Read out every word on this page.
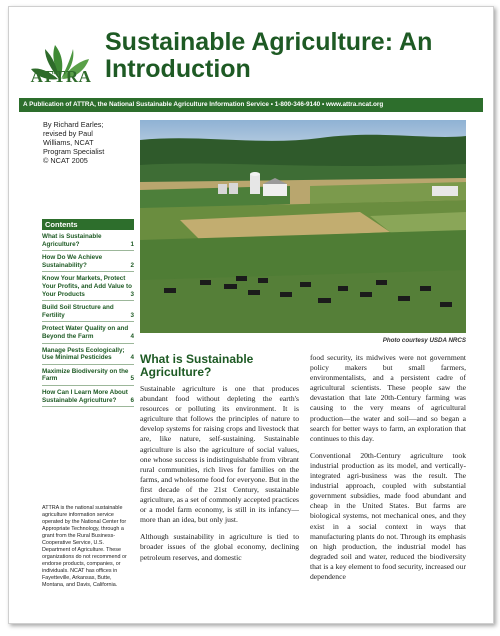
ATTRA
Sustainable Agriculture: An Introduction
A Publication of ATTRA, the National Sustainable Agriculture Information Service • 1-800-346-9140 • www.attra.ncat.org
By Richard Earles;
revised by Paul
Williams, NCAT
Program Specialist
© NCAT 2005
Photo courtesy USDA NRCS
Contents
What is Sustainable Agriculture?	1
How Do We Achieve Sustainability?	2
Know Your Markets, Protect Your Profits, and Add Value to Your Products	3
Build Soil Structure and Fertility	3
Protect Water Quality on and Beyond the Farm	4
Manage Pests Ecologically; Use Minimal Pesticides	4
Maximize Biodiversity on the Farm	5
How Can I Learn More About Sustainable Agriculture? 6
ATTRA is the national sustainable agriculture information service operated by the National Center for Appropriate Technology, through a grant from the Rural Business-Cooperative Service, U.S. Department of Agriculture. These organizations do not recommend or endorse products, companies, or individuals. NCAT has offices in Fayetteville, Arkansas, Butte, Montana, and Davis, California.
What is Sustainable Agriculture?

Sustainable agriculture is one that produces abundant food without depleting the earth's resources or polluting its environment. It is agriculture that follows the principles of nature to develop systems for raising crops and livestock that are, like nature, self-sustaining. Sustainable agriculture is also the agriculture of social values, one whose success is indistinguishable from vibrant rural communities, rich lives for families on the farms, and wholesome food for everyone. But in the first decade of the 21st Century, sustainable agriculture, as a set of commonly accepted practices or a model farm economy, is still in its infancy—more than an idea, but only just.

Although sustainability in agriculture is tied to broader issues of the global economy, declining petroleum reserves, and domestic

food security, its midwives were not government policy makers but small farmers, environmentalists, and a persistent cadre of agricultural scientists. These people saw the devastation that late 20th-Century farming was causing to the very means of agricultural production—the water and soil—and so began a search for better ways to farm, an exploration that continues to this day.

Conventional 20th-Century agriculture took industrial production as its model, and vertically-integrated agri-business was the result. The industrial approach, coupled with substantial government subsidies, made food abundant and cheap in the United States. But farms are biological systems, not mechanical ones, and they exist in a social context in ways that manufacturing plants do not. Through its emphasis on high production, the industrial model has degraded soil and water, reduced the biodiversity that is a key element to food security, increased our dependence
